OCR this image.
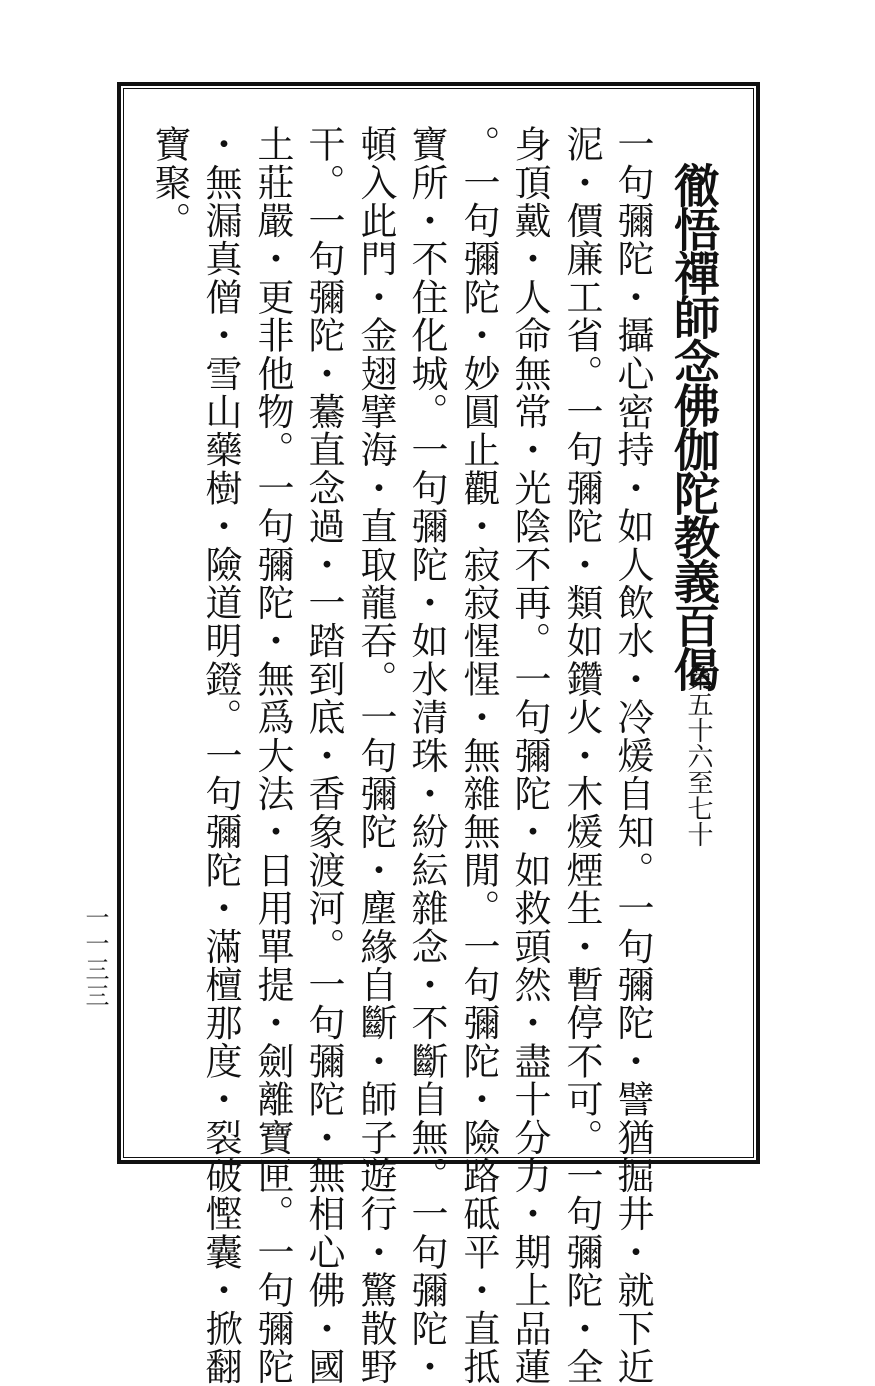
徹悟禪師念佛伽陀教義百偈
第五十六至七十
一句彌陀・攝心密持・如人飲水・冷煖自知。一句彌陀・譬猶掘井・就下近
泥・價廉工省。一句彌陀・類如鑽火・木煖煙生・暫停不可。一句彌陀・全
身頂戴・人命無常・光陰不再。一句彌陀・如救頭然・盡十分力・期上品蓮
。一句彌陀・妙圓止觀・寂寂惺惺・無雜無閒。一句彌陀・險路砥平・直抵
寶所・不住化城。一句彌陀・如水清珠・紛紜雜念・不斷自無。一句彌陀・
頓入此門・金翅擘海・直取龍吞。一句彌陀・塵緣自斷・師子遊行・驚散野
干。一句彌陀・驀直念過・一踏到底・香象渡河。一句彌陀・無相心佛・國
土莊嚴・更非他物。一句彌陀・無爲大法・日用單提・劍離寶匣。一句彌陀
・無漏真僧・雪山藥樹・險道明鐙。一句彌陀・滿檀那度・裂破慳囊・掀翻
寶聚。
一一三三
